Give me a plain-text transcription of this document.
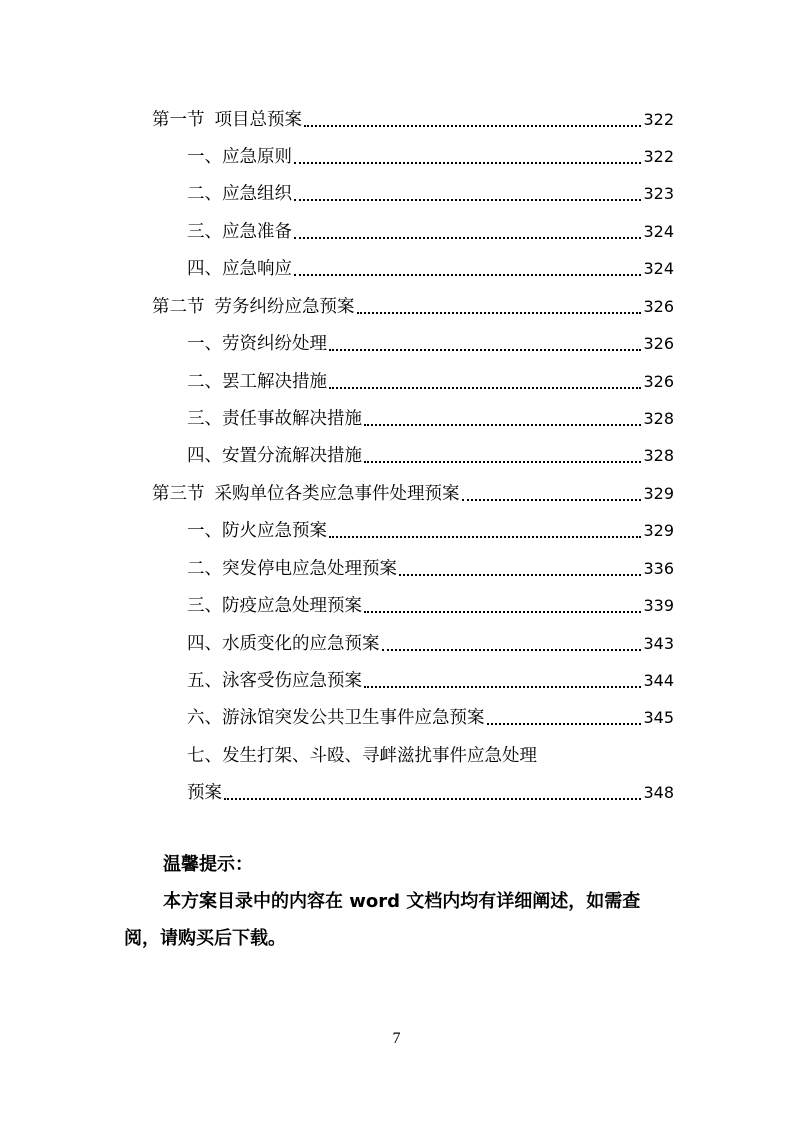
第一节 项目总预案	322
一、应急原则	322
二、应急组织	323
三、应急准备	324
四、应急响应	324
第二节 劳务纠纷应急预案	326
一、劳资纠纷处理	326
二、罢工解决措施	326
三、责任事故解决措施	328
四、安置分流解决措施	328
第三节 采购单位各类应急事件处理预案	329
一、防火应急预案	329
二、突发停电应急处理预案	336
三、防疫应急处理预案	339
四、水质变化的应急预案	343
五、泳客受伤应急预案	344
六、游泳馆突发公共卫生事件应急预案	345
七、发生打架、斗殴、寻衅滋扰事件应急处理
预案	348
温馨提示：
本方案目录中的内容在 word 文档内均有详细阐述，如需查阅，请购买后下载。
7
